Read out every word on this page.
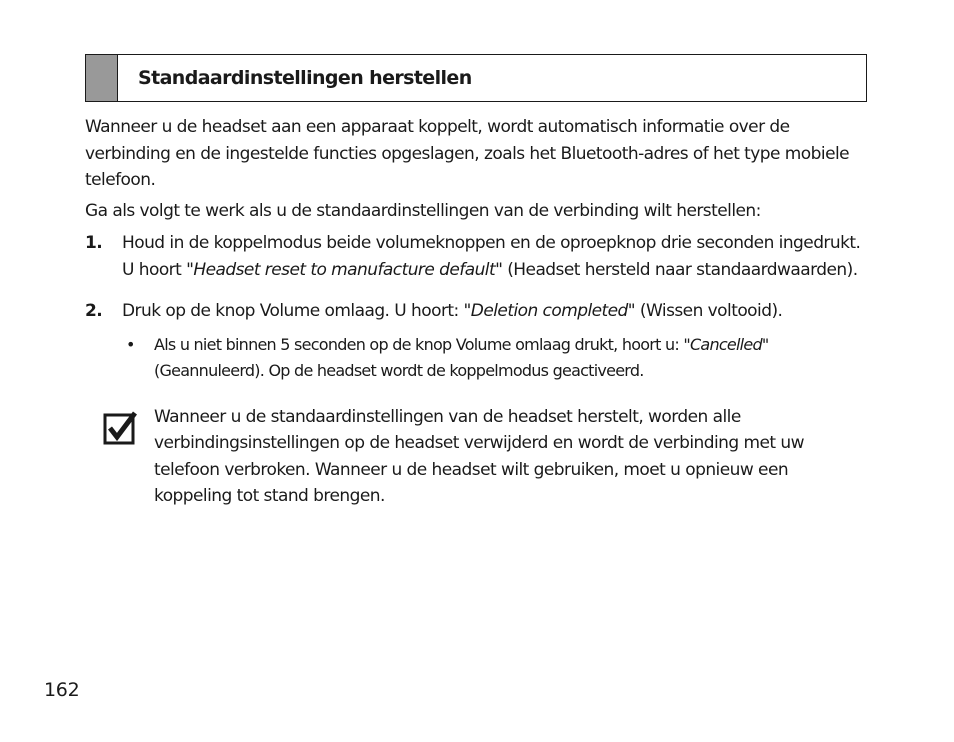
Standaardinstellingen herstellen

Wanneer u de headset aan een apparaat koppelt, wordt automatisch informatie over de verbinding en de ingestelde functies opgeslagen, zoals het Bluetooth-adres of het type mobiele telefoon.

Ga als volgt te werk als u de standaardinstellingen van de verbinding wilt herstellen:

1. Houd in de koppelmodus beide volumeknoppen en de oproepknop drie seconden ingedrukt. U hoort "Headset reset to manufacture default" (Headset hersteld naar standaardwaarden).
2. Druk op de knop Volume omlaag. U hoort: "Deletion completed" (Wissen voltooid).
• Als u niet binnen 5 seconden op de knop Volume omlaag drukt, hoort u: "Cancelled" (Geannuleerd). Op de headset wordt de koppelmodus geactiveerd.
Wanneer u de standaardinstellingen van de headset herstelt, worden alle verbindingsinstellingen op de headset verwijderd en wordt de verbinding met uw telefoon verbroken. Wanneer u de headset wilt gebruiken, moet u opnieuw een koppeling tot stand brengen.
162
